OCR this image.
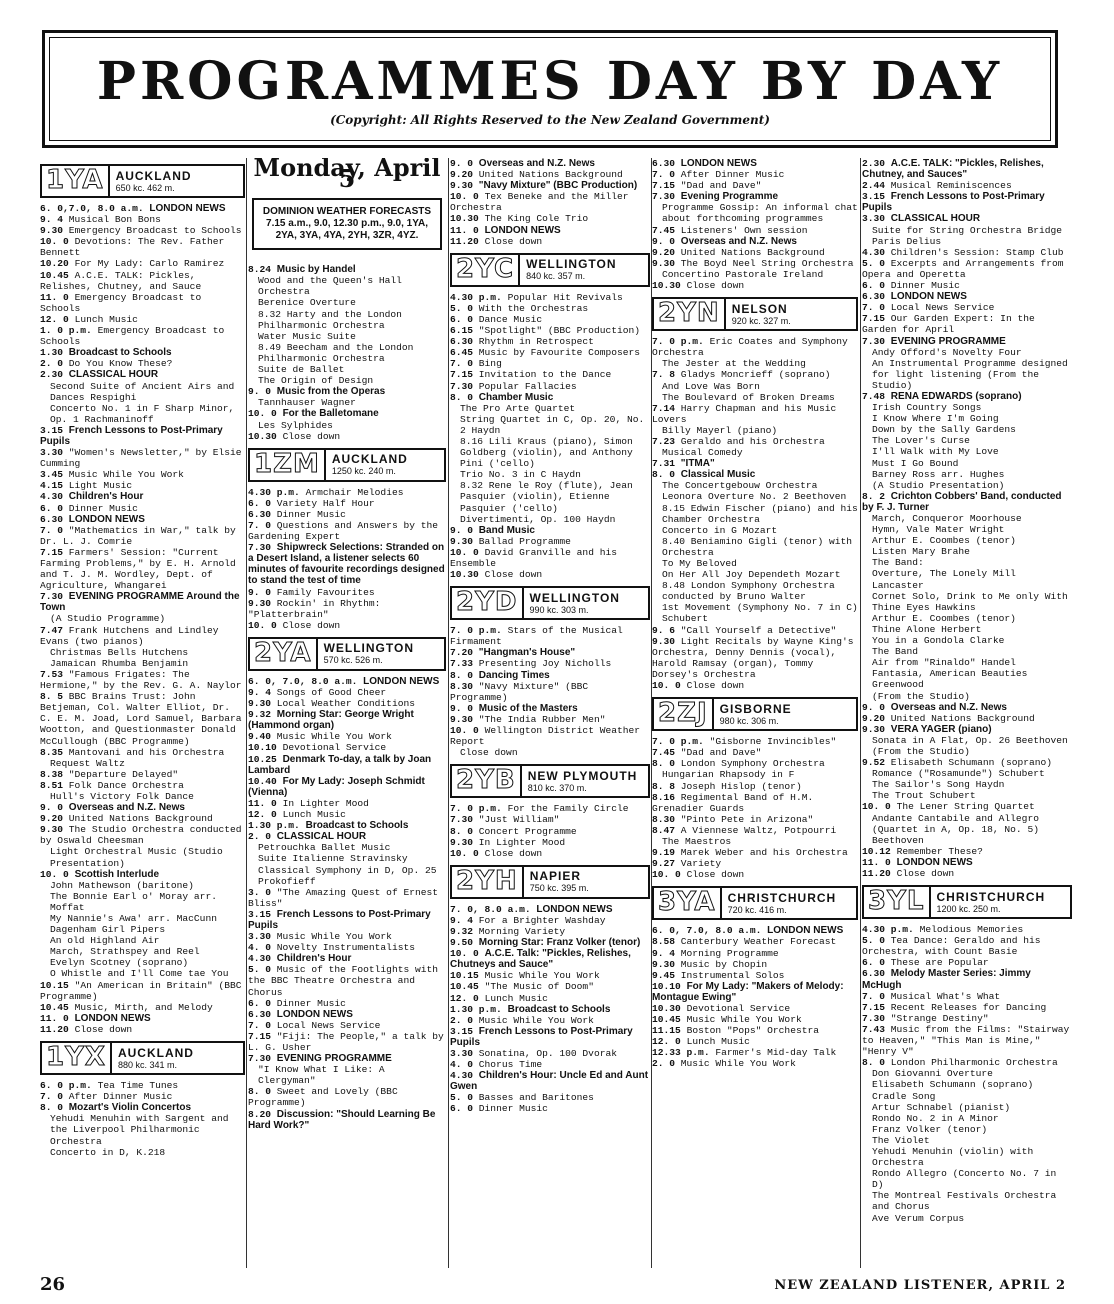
PROGRAMMES DAY BY DAY
(Copyright: All Rights Reserved to the New Zealand Government)
1YA	AUCKLAND
650 kc. 462 m.
6. 0,7.0, 8.0 a.m. LONDON NEWS
9. 4 Musical Bon Bons
9.30 Emergency Broadcast to Schools
10. 0 Devotions: The Rev. Father Bennett
10.20 For My Lady: Carlo Ramirez
10.45 A.C.E. TALK: Pickles, Relishes, Chutney, and Sauce
11. 0 Emergency Broadcast to Schools
12. 0 Lunch Music
1. 0 p.m. Emergency Broadcast to Schools
1.30 Broadcast to Schools
2. 0 Do You Know These?
2.30 CLASSICAL HOUR
Second Suite of Ancient Airs and Dances Respighi
Concerto No. 1 in F Sharp Minor, Op. 1 Rachmaninoff
3.15 French Lessons to Post-Primary Pupils
3.30 "Women's Newsletter," by Elsie Cumming
3.45 Music While You Work
4.15 Light Music
4.30 Children's Hour
6. 0 Dinner Music
6.30 LONDON NEWS
7. 0 "Mathematics in War," talk by Dr. L. J. Comrie
7.15 Farmers' Session: "Current Farming Problems," by E. H. Arnold and T. J. M. Wordley, Dept. of Agriculture, Whangarei
7.30 EVENING PROGRAMME Around the Town
(A Studio Programme)
7.47 Frank Hutchens and Lindley Evans (two pianos)
Christmas Bells Hutchens
Jamaican Rhumba Benjamin
7.53 "Famous Frigates: The Hermione," by the Rev. G. A. Naylor
8. 5 BBC Brains Trust: John Betjeman, Col. Walter Elliot, Dr. C. E. M. Joad, Lord Samuel, Barbara Wootton, and Questionmaster Donald McCullough (BBC Programme)
8.35 Mantovani and his Orchestra
Request Waltz
8.38 "Departure Delayed"
8.51 Folk Dance Orchestra
Hull's Victory Folk Dance
9. 0 Overseas and N.Z. News
9.20 United Nations Background
9.30 The Studio Orchestra conducted by Oswald Cheesman
Light Orchestral Music (Studio Presentation)
10. 0 Scottish Interlude
John Mathewson (baritone)
The Bonnie Earl o' Moray arr. Moffat
My Nannie's Awa' arr. MacCunn
Dagenham Girl Pipers
An old Highland Air
March, Strathspey and Reel
Evelyn Scotney (soprano)
O Whistle and I'll Come tae You
10.15 "An American in Britain" (BBC Programme)
10.45 Music, Mirth, and Melody
11. 0 LONDON NEWS
11.20 Close down
1YX	AUCKLAND
880 kc. 341 m.
6. 0 p.m. Tea Time Tunes
7. 0 After Dinner Music
8. 0 Mozart's Violin Concertos
Yehudi Menuhin with Sargent and the Liverpool Philharmonic Orchestra
Concerto in D, K.218
Monday, April 5
DOMINION WEATHER FORECASTS
7.15 a.m., 9.0, 12.30 p.m., 9.0, 1YA, 2YA, 3YA, 4YA, 2YH, 3ZR, 4YZ.
8.24 Music by Handel
Wood and the Queen's Hall Orchestra
Berenice Overture
8.32 Harty and the London Philharmonic Orchestra
Water Music Suite
8.49 Beecham and the London Philharmonic Orchestra
Suite de Ballet
The Origin of Design
9. 0 Music from the Operas
Tannhauser Wagner
10. 0 For the Balletomane
Les Sylphides
10.30 Close down
1ZM	AUCKLAND
1250 kc. 240 m.
4.30 p.m. Armchair Melodies
6. 0 Variety Half Hour
6.30 Dinner Music
7. 0 Questions and Answers by the Gardening Expert
7.30 Shipwreck Selections: Stranded on a Desert Island, a listener selects 60 minutes of favourite recordings designed to stand the test of time
9. 0 Family Favourites
9.30 Rockin' in Rhythm: "Platterbrain"
10. 0 Close down
2YA	WELLINGTON
570 kc. 526 m.
6. 0, 7.0, 8.0 a.m. LONDON NEWS
9. 4 Songs of Good Cheer
9.30 Local Weather Conditions
9.32 Morning Star: George Wright (Hammond organ)
9.40 Music While You Work
10.10 Devotional Service
10.25 Denmark To-day, a talk by Joan Lambard
10.40 For My Lady: Joseph Schmidt (Vienna)
11. 0 In Lighter Mood
12. 0 Lunch Music
1.30 p.m. Broadcast to Schools
2. 0 CLASSICAL HOUR
Petrouchka Ballet Music
Suite Italienne Stravinsky
Classical Symphony in D, Op. 25 Prokofieff
3. 0 "The Amazing Quest of Ernest Bliss"
3.15 French Lessons to Post-Primary Pupils
3.30 Music While You Work
4. 0 Novelty Instrumentalists
4.30 Children's Hour
5. 0 Music of the Footlights with the BBC Theatre Orchestra and Chorus
6. 0 Dinner Music
6.30 LONDON NEWS
7. 0 Local News Service
7.15 "Fiji: The People," a talk by L. G. Usher
7.30 EVENING PROGRAMME
"I Know What I Like: A Clergyman"
8. 0 Sweet and Lovely (BBC Programme)
8.20 Discussion: "Should Learning Be Hard Work?"
9. 0 Overseas and N.Z. News
9.20 United Nations Background
9.30 "Navy Mixture" (BBC Production)
10. 0 Tex Beneke and the Miller Orchestra
10.30 The King Cole Trio
11. 0 LONDON NEWS
11.20 Close down
2YC	WELLINGTON
840 kc. 357 m.
4.30 p.m. Popular Hit Revivals
5. 0 With the Orchestras
6. 0 Dance Music
6.15 "Spotlight" (BBC Production)
6.30 Rhythm in Retrospect
6.45 Music by Favourite Composers
7. 0 Bing
7.15 Invitation to the Dance
7.30 Popular Fallacies
8. 0 Chamber Music
The Pro Arte Quartet
String Quartet in C, Op. 20, No. 2 Haydn
8.16 Lili Kraus (piano), Simon Goldberg (violin), and Anthony Pini ('cello)
Trio No. 3 in C Haydn
8.32 Rene le Roy (flute), Jean Pasquier (violin), Etienne Pasquier ('cello)
Divertimenti, Op. 100 Haydn
9. 0 Band Music
9.30 Ballad Programme
10. 0 David Granville and his Ensemble
10.30 Close down
2YD	WELLINGTON
990 kc. 303 m.
7. 0 p.m. Stars of the Musical Firmament
7.20 "Hangman's House"
7.33 Presenting Joy Nicholls
8. 0 Dancing Times
8.30 "Navy Mixture" (BBC Programme)
9. 0 Music of the Masters
9.30 "The India Rubber Men"
10. 0 Wellington District Weather Report
Close down
2YB	NEW PLYMOUTH
810 kc. 370 m.
7. 0 p.m. For the Family Circle
7.30 "Just William"
8. 0 Concert Programme
9.30 In Lighter Mood
10. 0 Close down
2YH	NAPIER
750 kc. 395 m.
7. 0, 8.0 a.m. LONDON NEWS
9. 4 For a Brighter Washday
9.32 Morning Variety
9.50 Morning Star: Franz Volker (tenor)
10. 0 A.C.E. Talk: "Pickles, Relishes, Chutneys and Sauce"
10.15 Music While You Work
10.45 "The Music of Doom"
12. 0 Lunch Music
1.30 p.m. Broadcast to Schools
2. 0 Music While You Work
3.15 French Lessons to Post-Primary Pupils
3.30 Sonatina, Op. 100 Dvorak
4. 0 Chorus Time
4.30 Children's Hour: Uncle Ed and Aunt Gwen
5. 0 Basses and Baritones
6. 0 Dinner Music
6.30 LONDON NEWS
7. 0 After Dinner Music
7.15 "Dad and Dave"
7.30 Evening Programme
Programme Gossip: An informal chat about forthcoming programmes
7.45 Listeners' Own session
9. 0 Overseas and N.Z. News
9.20 United Nations Background
9.30 The Boyd Neel String Orchestra
Concertino Pastorale Ireland
10.30 Close down
2YN	NELSON
920 kc. 327 m.
7. 0 p.m. Eric Coates and Symphony Orchestra
The Jester at the Wedding
7. 8 Gladys Moncrieff (soprano)
And Love Was Born
The Boulevard of Broken Dreams
7.14 Harry Chapman and his Music Lovers
Billy Mayerl (piano)
7.23 Geraldo and his Orchestra
Musical Comedy
7.31 "ITMA"
8. 0 Classical Music
The Concertgebouw Orchestra
Leonora Overture No. 2 Beethoven
8.15 Edwin Fischer (piano) and his Chamber Orchestra
Concerto in G Mozart
8.40 Beniamino Gigli (tenor) with Orchestra
To My Beloved
On Her All Joy Dependeth Mozart
8.48 London Symphony Orchestra conducted by Bruno Walter
1st Movement (Symphony No. 7 in C) Schubert
9. 6 "Call Yourself a Detective"
9.30 Light Recitals by Wayne King's Orchestra, Denny Dennis (vocal), Harold Ramsay (organ), Tommy Dorsey's Orchestra
10. 0 Close down
2ZJ	GISBORNE
980 kc. 306 m.
7. 0 p.m. "Gisborne Invincibles"
7.45 "Dad and Dave"
8. 0 London Symphony Orchestra
Hungarian Rhapsody in F
8. 8 Joseph Hislop (tenor)
8.16 Regimental Band of H.M. Grenadier Guards
8.30 "Pinto Pete in Arizona"
8.47 A Viennese Waltz, Potpourri
The Maestros
9.19 Marek Weber and his Orchestra
9.27 Variety
10. 0 Close down
3YA	CHRISTCHURCH
720 kc. 416 m.
6. 0, 7.0, 8.0 a.m. LONDON NEWS
8.58 Canterbury Weather Forecast
9. 4 Morning Programme
9.30 Music by Chopin
9.45 Instrumental Solos
10.10 For My Lady: "Makers of Melody: Montague Ewing"
10.30 Devotional Service
10.45 Music While You Work
11.15 Boston "Pops" Orchestra
12. 0 Lunch Music
12.33 p.m. Farmer's Mid-day Talk
2. 0 Music While You Work
2.30 A.C.E. TALK: "Pickles, Relishes, Chutney, and Sauces"
2.44 Musical Reminiscences
3.15 French Lessons to Post-Primary Pupils
3.30 CLASSICAL HOUR
Suite for String Orchestra Bridge
Paris Delius
4.30 Children's Session: Stamp Club
5. 0 Excerpts and Arrangements from Opera and Operetta
6. 0 Dinner Music
6.30 LONDON NEWS
7. 0 Local News Service
7.15 Our Garden Expert: In the Garden for April
7.30 EVENING PROGRAMME
Andy Offord's Novelty Four
An Instrumental Programme designed for light listening (From the Studio)
7.48 RENA EDWARDS (soprano)
Irish Country Songs
I Know Where I'm Going
Down by the Sally Gardens
The Lover's Curse
I'll Walk with My Love
Must I Go Bound
Barney Ross arr. Hughes
(A Studio Presentation)
8. 2 Crichton Cobbers' Band, conducted by F. J. Turner
March, Conqueror Moorhouse
Hymn, Vale Mater Wright
Arthur E. Coombes (tenor)
Listen Mary Brahe
The Band:
Overture, The Lonely Mill Lancaster
Cornet Solo, Drink to Me only With Thine Eyes Hawkins
Arthur E. Coombes (tenor)
Thine Alone Herbert
You in a Gondola Clarke
The Band
Air from "Rinaldo" Handel
Fantasia, American Beauties Greenwood
(From the Studio)
9. 0 Overseas and N.Z. News
9.20 United Nations Background
9.30 VERA YAGER (piano)
Sonata in A Flat, Op. 26 Beethoven
(From the Studio)
9.52 Elisabeth Schumann (soprano)
Romance ("Rosamunde") Schubert
The Sailor's Song Haydn
The Trout Schubert
10. 0 The Lener String Quartet
Andante Cantabile and Allegro (Quartet in A, Op. 18, No. 5) Beethoven
10.12 Remember These?
11. 0 LONDON NEWS
11.20 Close down
3YL	CHRISTCHURCH
1200 kc. 250 m.
4.30 p.m. Melodious Memories
5. 0 Tea Dance: Geraldo and his Orchestra, with Count Basie
6. 0 These are Popular
6.30 Melody Master Series: Jimmy McHugh
7. 0 Musical What's What
7.15 Recent Releases for Dancing
7.30 "Strange Destiny"
7.43 Music from the Films: "Stairway to Heaven," "This Man is Mine," "Henry V"
8. 0 London Philharmonic Orchestra
Don Giovanni Overture
Elisabeth Schumann (soprano)
Cradle Song
Artur Schnabel (pianist)
Rondo No. 2 in A Minor
Franz Volker (tenor)
The Violet
Yehudi Menuhin (violin) with Orchestra
Rondo Allegro (Concerto No. 7 in D)
The Montreal Festivals Orchestra and Chorus
Ave Verum Corpus
26	NEW ZEALAND LISTENER, APRIL 2
